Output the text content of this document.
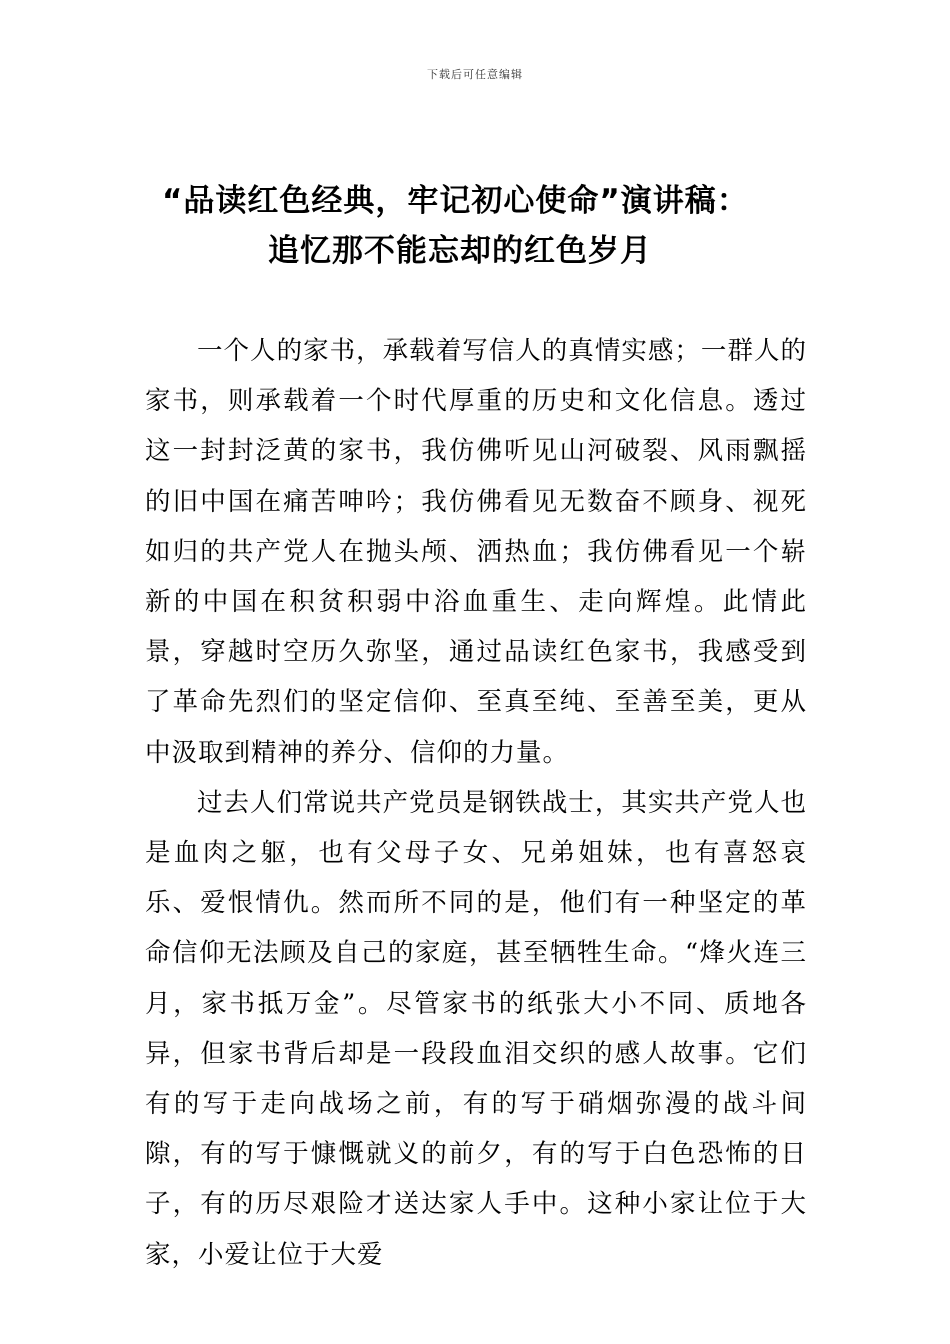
下载后可任意编辑
“品读红色经典，牢记初心使命”演讲稿：
追忆那不能忘却的红色岁月

一个人的家书，承载着写信人的真情实感；一群人的家书，则承载着一个时代厚重的历史和文化信息。透过这一封封泛黄的家书，我仿佛听见山河破裂、风雨飘摇的旧中国在痛苦呻吟；我仿佛看见无数奋不顾身、视死如归的共产党人在抛头颅、洒热血；我仿佛看见一个崭新的中国在积贫积弱中浴血重生、走向辉煌。此情此景，穿越时空历久弥坚，通过品读红色家书，我感受到了革命先烈们的坚定信仰、至真至纯、至善至美，更从中汲取到精神的养分、信仰的力量。

过去人们常说共产党员是钢铁战士，其实共产党人也是血肉之躯，也有父母子女、兄弟姐妹，也有喜怒哀乐、爱恨情仇。然而所不同的是，他们有一种坚定的革命信仰无法顾及自己的家庭，甚至牺牲生命。“烽火连三月，家书抵万金”。尽管家书的纸张大小不同、质地各异，但家书背后却是一段段血泪交织的感人故事。它们有的写于走向战场之前，有的写于硝烟弥漫的战斗间隙，有的写于慷慨就义的前夕，有的写于白色恐怖的日子，有的历尽艰险才送达家人手中。这种小家让位于大家，小爱让位于大爱
